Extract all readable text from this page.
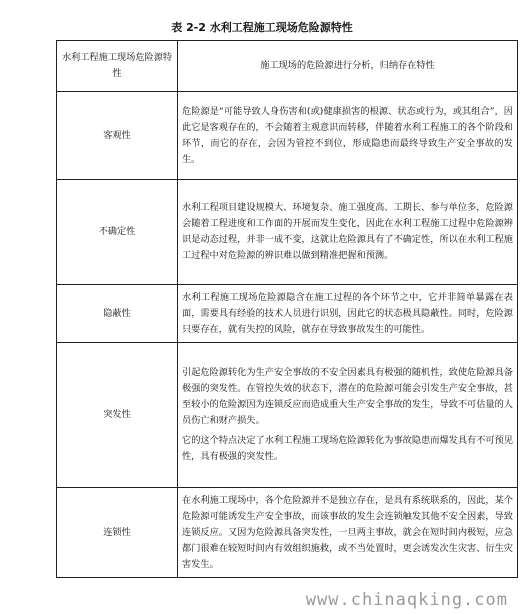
表 2-2 水利工程施工现场危险源特性
水利工程施工现场危险源特性	施工现场的危险源进行分析，归纳存在特性
客观性	危险源是“可能导致人身伤害和(或)健康损害的根源、状态或行为，或其组合”，因此它是客观存在的，不会随着主观意识而转移，伴随着水利工程施工的各个阶段和环节，而它的存在，会因为管控不到位，形成隐患而最终导致生产安全事故的发生。
不确定性	水利工程项目建设规模大、环境复杂、施工强度高、工期长、参与单位多，危险源会随着工程进度和工作面的开展而发生变化，因此在水利工程施工过程中危险源辨识是动态过程，并非一成不变，这就让危险源具有了不确定性，所以在水利工程施工过程中对危险源的辨识难以做到精准把握和预测。
隐蔽性	水利工程施工现场危险源隐含在施工过程的各个环节之中，它并非简单暴露在表面，需要具有经验的技术人员进行识别，因此它的状态极具隐蔽性。同时，危险源只要存在，就有失控的风险，就存在导致事故发生的可能性。
突发性	引起危险源转化为生产安全事故的不安全因素具有极强的随机性，致使危险源具备极强的突发性。在管控失效的状态下，潜在的危险源可能会引发生产安全事故，甚至较小的危险源因为连锁反应而造成重大生产安全事故的发生，导致不可估量的人员伤亡和财产损失。
它的这个特点决定了水利工程施工现场危险源转化为事故隐患而爆发具有不可预见性，具有极强的突发性。

连锁性	在水利施工现场中，各个危险源并不是独立存在，是具有系统联系的，因此，某个危险源可能诱发生产安全事故，而该事故的发生会连锁触发其他不安全因素，导致连锁反应。又因为危险源具备突发性，一旦两主事故，就会在短时间内极短，应急都门很难在较短时间内有效组织施救，或不当处置时，更会诱发次生灾害、衍生灾害发生。
www.chinaqking.com
